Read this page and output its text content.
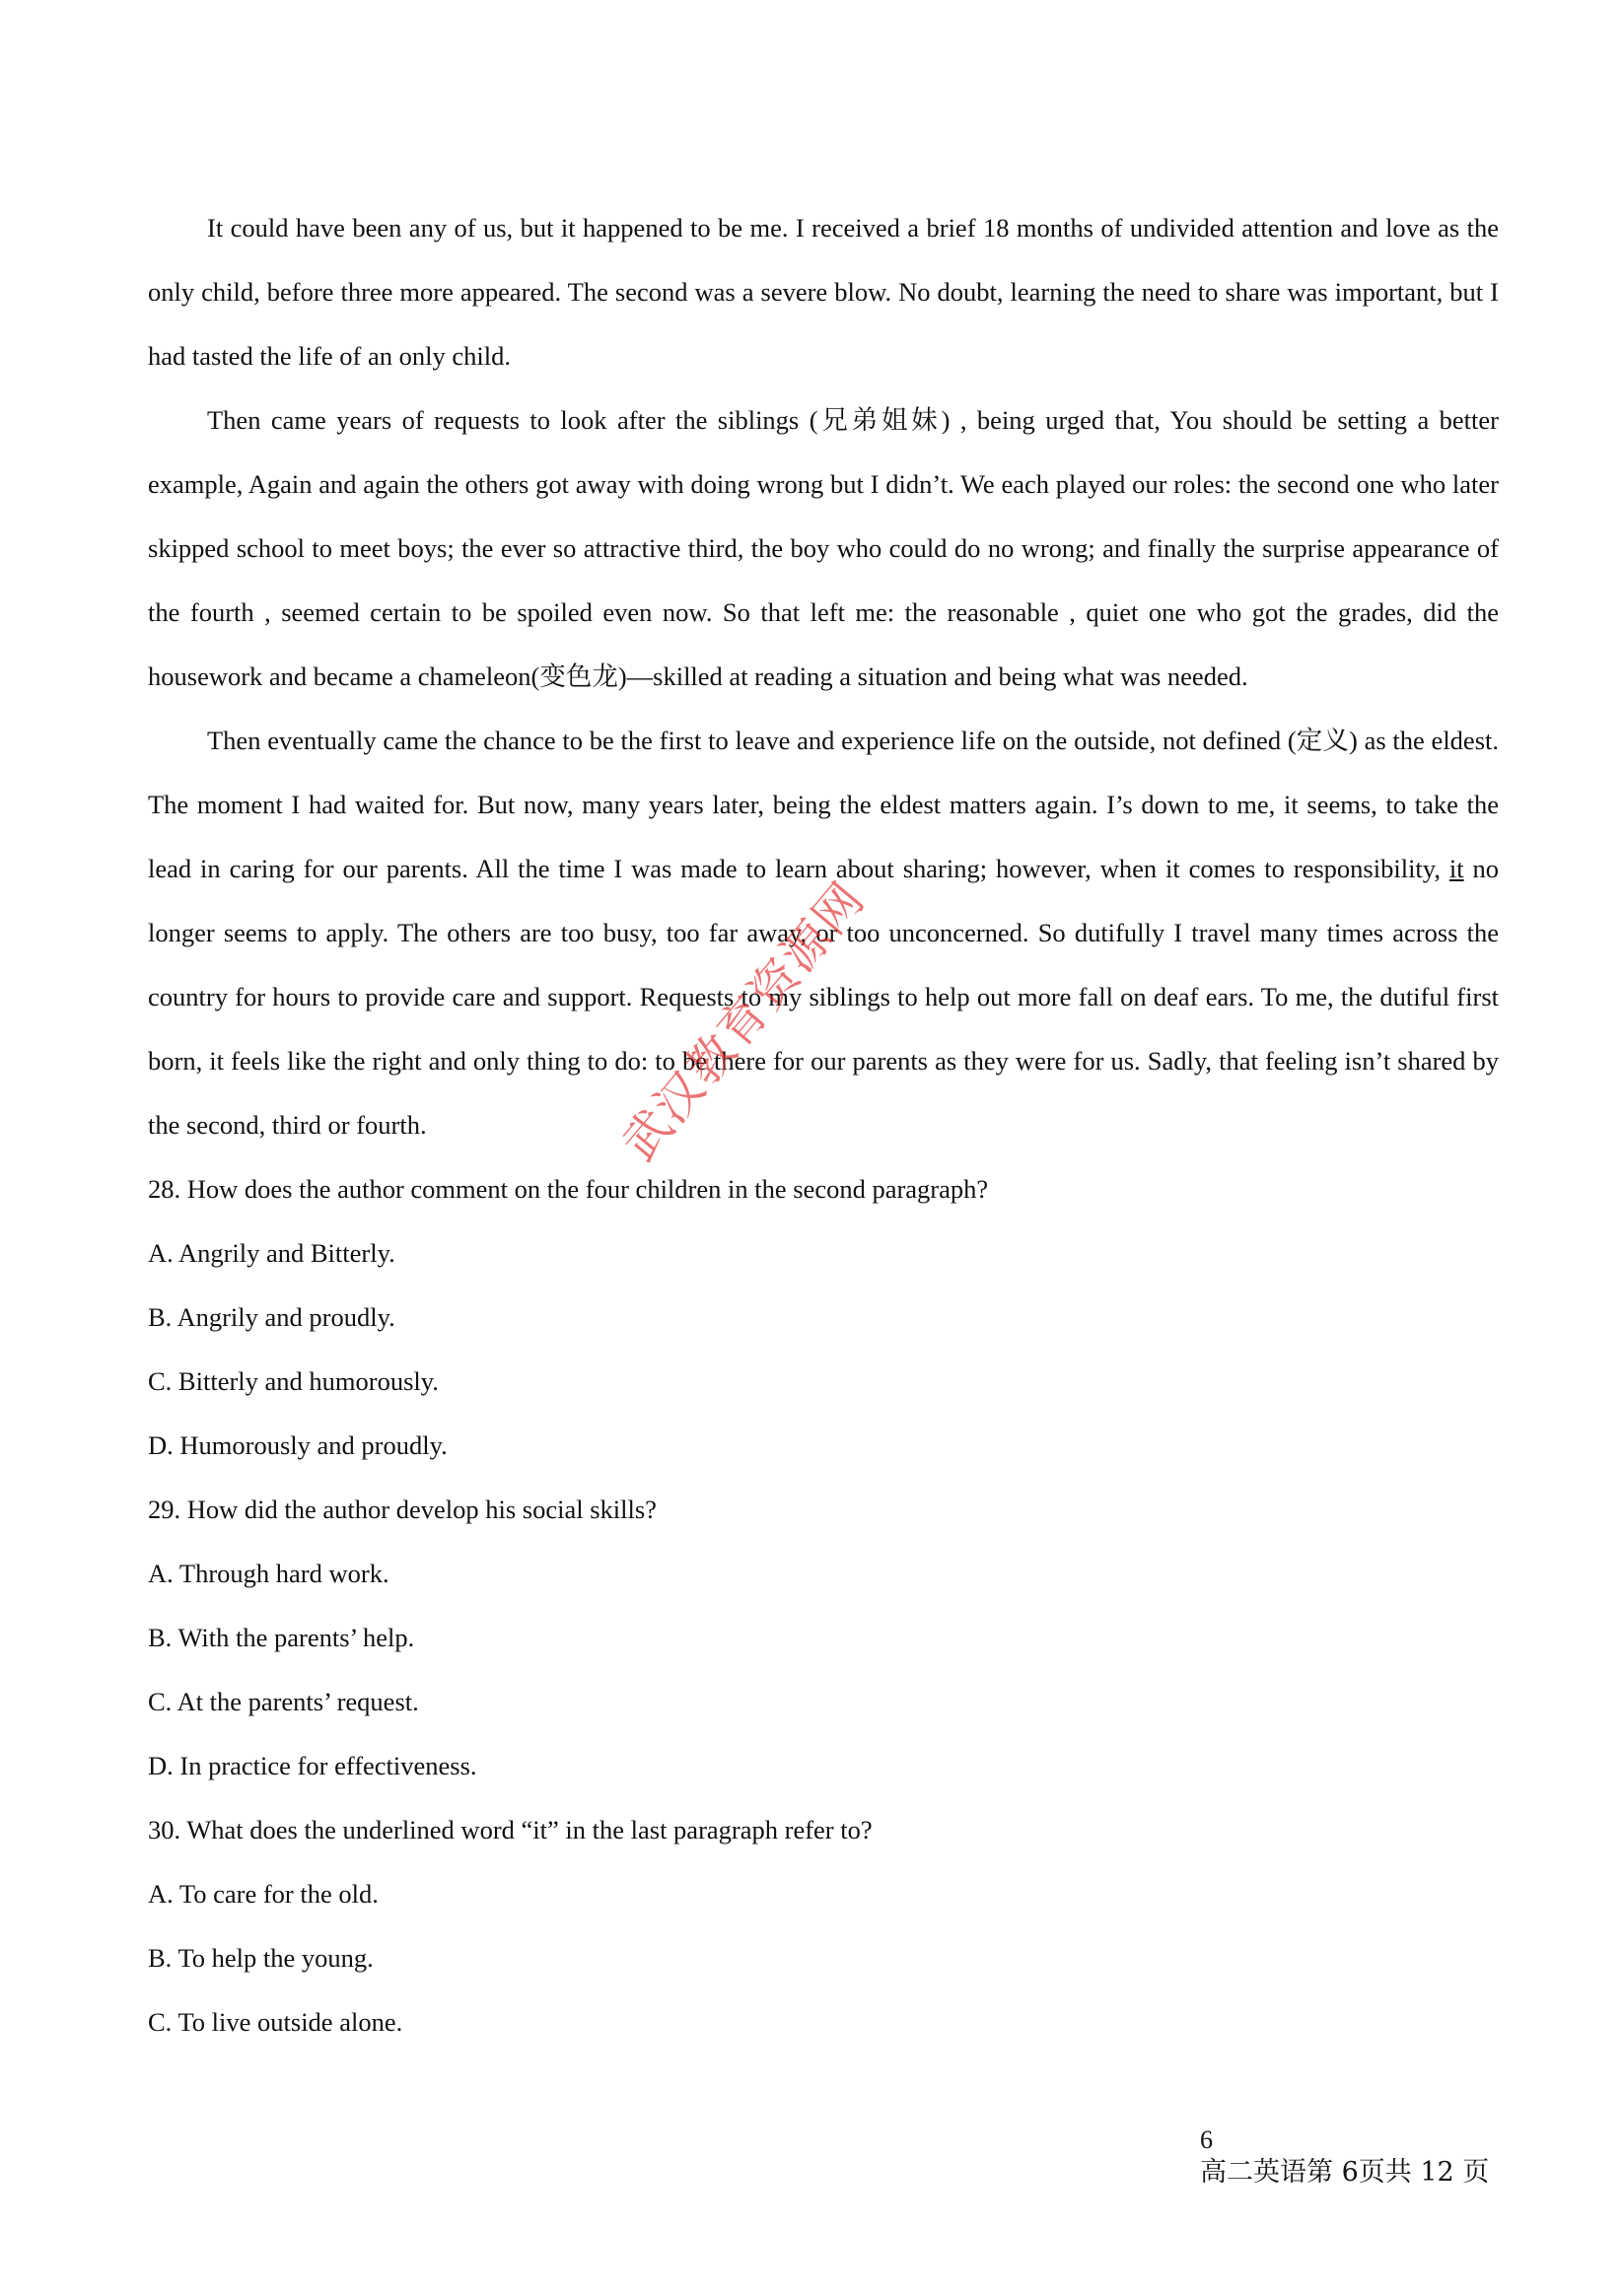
It could have been any of us, but it happened to be me. I received a brief 18 months of undivided attention and love as the only child, before three more appeared. The second was a severe blow. No doubt, learning the need to share was important, but I had tasted the life of an only child.

Then came years of requests to look after the siblings (兄弟姐妹) , being urged that, You should be setting a better example, Again and again the others got away with doing wrong but I didn’t. We each played our roles: the second one who later skipped school to meet boys; the ever so attractive third, the boy who could do no wrong; and finally the surprise appearance of the fourth , seemed certain to be spoiled even now. So that left me: the reasonable , quiet one who got the grades, did the housework and became a chameleon(变色龙)—skilled at reading a situation and being what was needed.

Then eventually came the chance to be the first to leave and experience life on the outside, not defined (定义) as the eldest. The moment I had waited for. But now, many years later, being the eldest matters again. I’s down to me, it seems, to take the lead in caring for our parents. All the time I was made to learn about sharing; however, when it comes to responsibility, it no longer seems to apply. The others are too busy, too far away, or too unconcerned. So dutifully I travel many times across the country for hours to provide care and support. Requests to my siblings to help out more fall on deaf ears. To me, the dutiful first born, it feels like the right and only thing to do: to be there for our parents as they were for us. Sadly, that feeling isn’t shared by the second, third or fourth.

28. How does the author comment on the four children in the second paragraph?

A. Angrily and Bitterly.

B. Angrily and proudly.

C. Bitterly and humorously.

D. Humorously and proudly.

29. How did the author develop his social skills?

A. Through hard work.

B. With the parents’ help.

C. At the parents’ request.

D. In practice for effectiveness.

30. What does the underlined word “it” in the last paragraph refer to?

A. To care for the old.

B. To help the young.

C. To live outside alone.

武汉教育资源网
6
高二英语第 6页共 12 页
